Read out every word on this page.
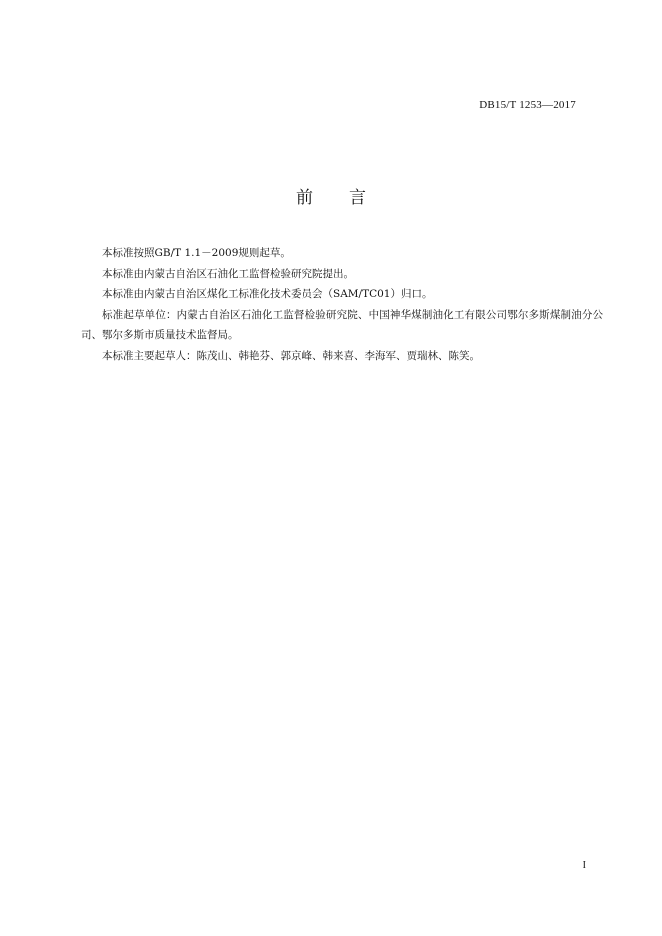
DB15/T 1253—2017
前言

本标准按照GB/T 1.1－2009规则起草。

本标准由内蒙古自治区石油化工监督检验研究院提出。

本标准由内蒙古自治区煤化工标准化技术委员会（SAM/TC01）归口。

标准起草单位：内蒙古自治区石油化工监督检验研究院、中国神华煤制油化工有限公司鄂尔多斯煤制油分公司、鄂尔多斯市质量技术监督局。

本标准主要起草人：陈茂山、韩艳芬、郭京峰、韩来喜、李海军、贾瑞林、陈笑。

I
